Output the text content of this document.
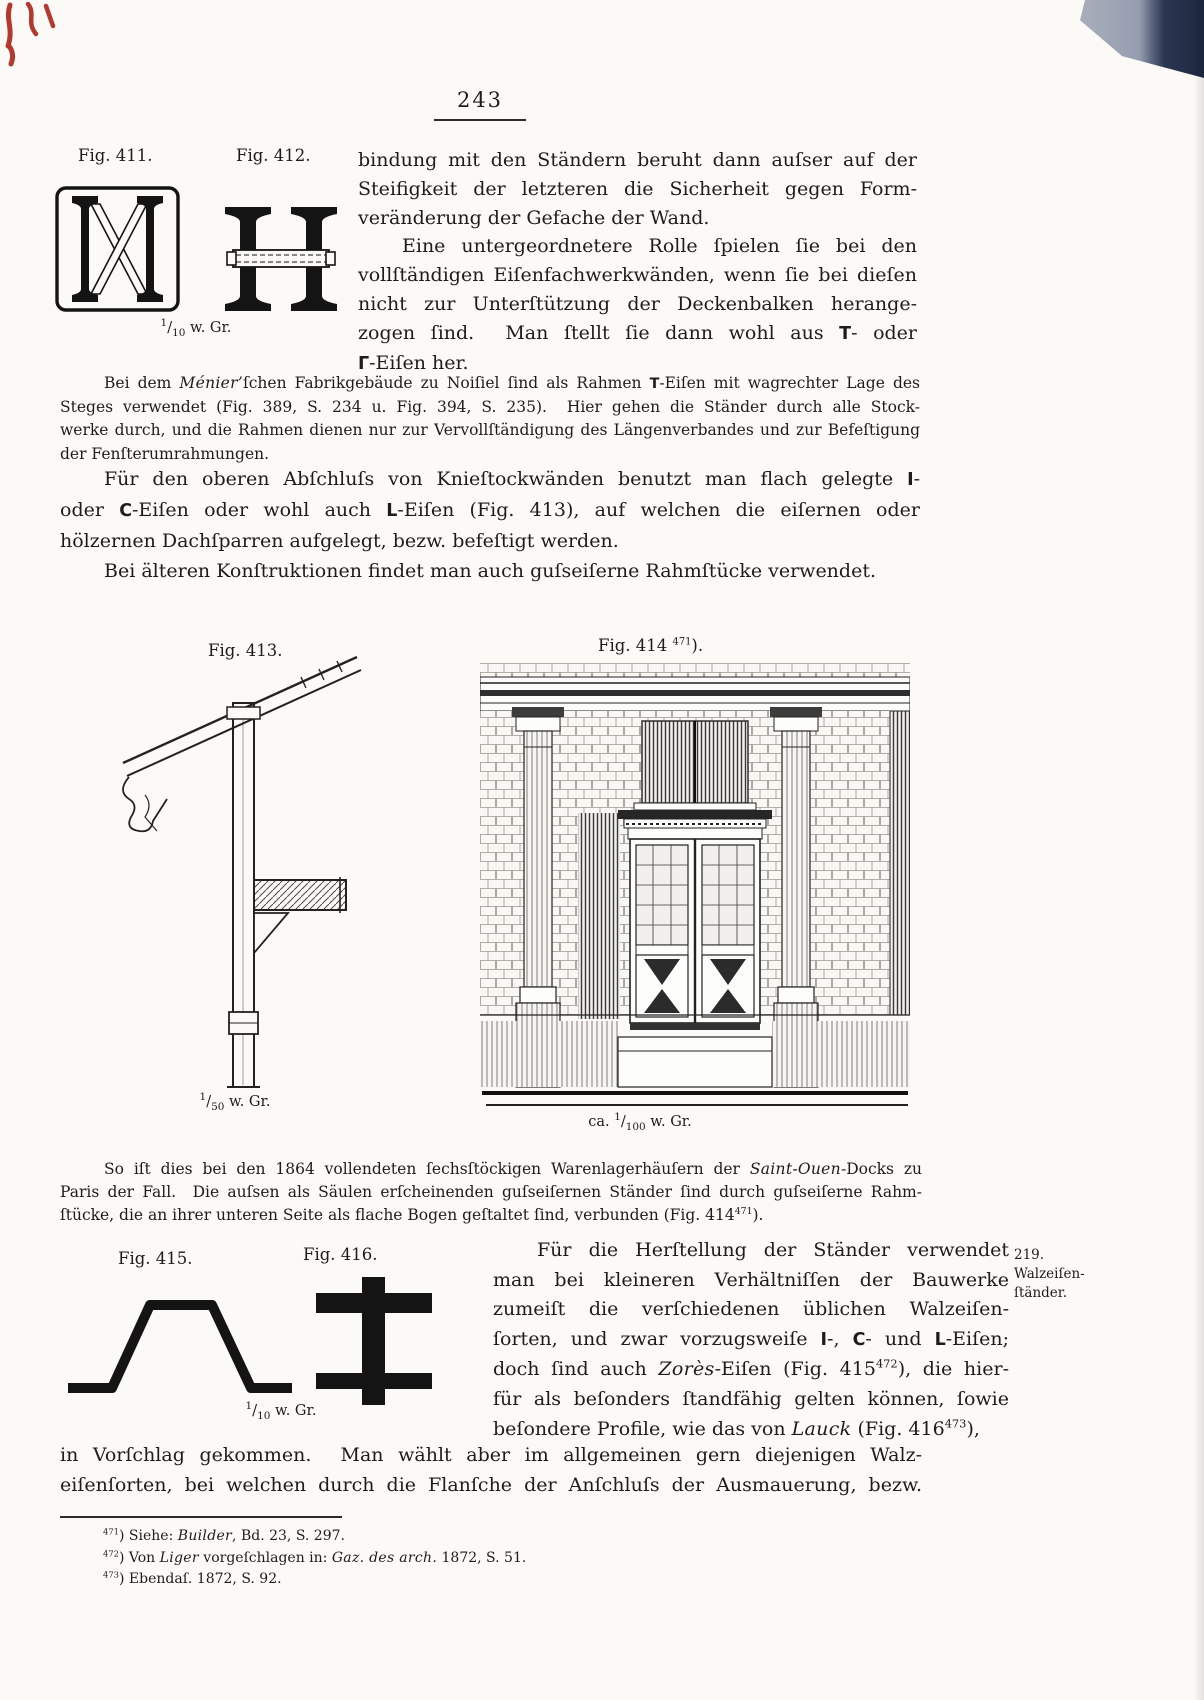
243
Fig. 411.	Fig. 412.
$^1/_{10}$ w. Gr.
bindung mit den Ständern beruht dann auſser auf der
Steifigkeit der letzteren die Sicherheit gegen Form-
veränderung der Gefache der Wand.
Eine untergeordnetere Rolle ſpielen ſie bei den
vollſtändigen Eiſenfachwerkwänden, wenn ſie bei dieſen
nicht zur Unterſtützung der Deckenbalken herange-
zogen ſind.  Man ſtellt ſie dann wohl aus T- oder
Γ-Eiſen her.
Bei dem Ménier’ſchen Fabrikgebäude zu Noiſiel ſind als Rahmen T-Eiſen mit wagrechter Lage des
Steges verwendet (Fig. 389, S. 234 u. Fig. 394, S. 235).  Hier gehen die Ständer durch alle Stock-
werke durch, und die Rahmen dienen nur zur Vervollſtändigung des Längenverbandes und zur Befeſtigung
der Fenſterumrahmungen.
Für den oberen Abſchluſs von Knieſtockwänden benutzt man flach gelegte I-
oder C-Eiſen oder wohl auch L-Eiſen (Fig. 413), auf welchen die eiſernen oder
hölzernen Dachſparren aufgelegt, bezw. befeſtigt werden.
Bei älteren Konſtruktionen findet man auch guſseiſerne Rahmſtücke verwendet.
Fig. 413.	Fig. 414 $^{471}$).
$^1/_{50}$ w. Gr.
ca. $^1/_{100}$ w. Gr.
So iſt dies bei den 1864 vollendeten ſechsſtöckigen Warenlagerhäuſern der Saint-Ouen-Docks zu
Paris der Fall.  Die auſsen als Säulen erſcheinenden guſseiſernen Ständer ſind durch guſseiſerne Rahm-
ſtücke, die an ihrer unteren Seite als flache Bogen geſtaltet ſind, verbunden (Fig. $414^{471}$).
Fig. 415.	Fig. 416.
$^1/_{10}$ w. Gr.
Für die Herſtellung der Ständer verwendet
man bei kleineren Verhältniſſen der Bauwerke
zumeiſt die verſchiedenen üblichen Walzeiſen-
ſorten, und zwar vorzugsweiſe I-, C- und L-Eiſen;
doch ſind auch Zorès-Eiſen (Fig. $415^{472}$), die hier-
für als beſonders ſtandfähig gelten können, ſowie
beſondere Profile, wie das von Lauck (Fig. $416^{473}$),
219.
Walzeiſen-
ſtänder.
in Vorſchlag gekommen.  Man wählt aber im allgemeinen gern diejenigen Walz-
eiſenſorten, bei welchen durch die Flanſche der Anſchluſs der Ausmauerung, bezw.
$^{471}$) Siehe: Builder, Bd. 23, S. 297.
$^{472}$) Von Liger vorgeſchlagen in: Gaz. des arch. 1872, S. 51.
$^{473}$) Ebendaſ. 1872, S. 92.
